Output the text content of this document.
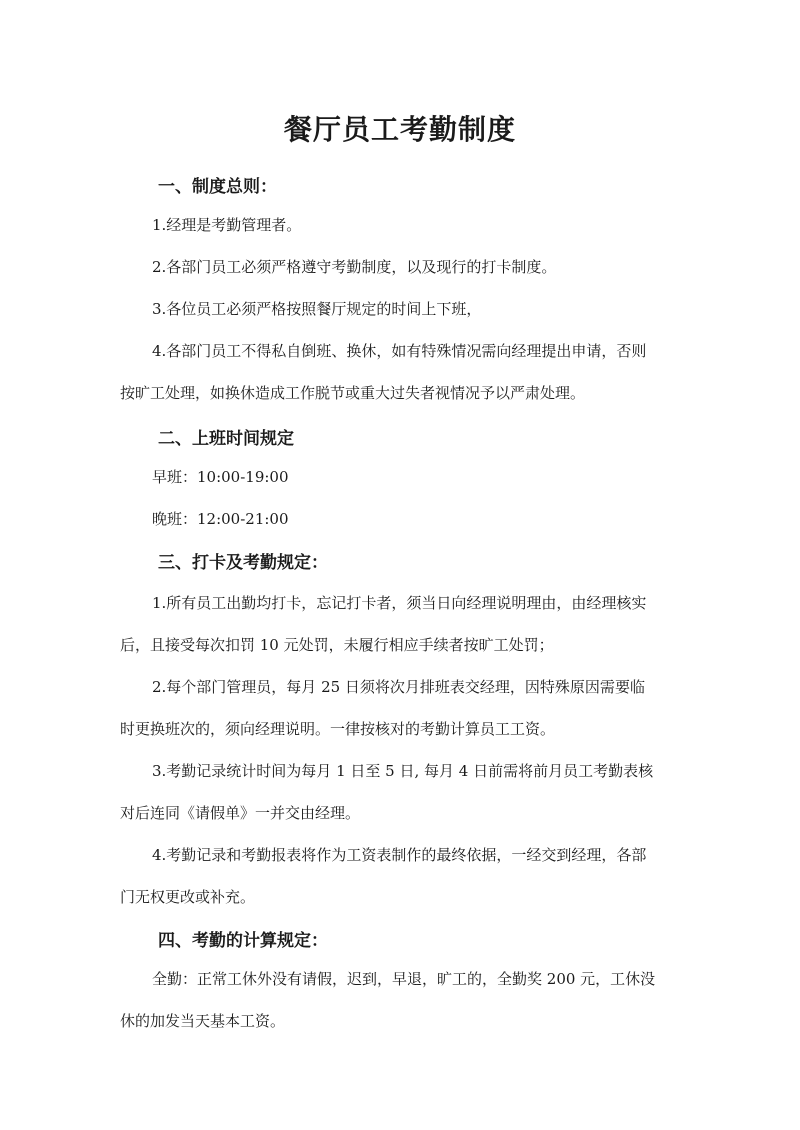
餐厅员工考勤制度
一、制度总则：
1.经理是考勤管理者。
2.各部门员工必须严格遵守考勤制度，以及现行的打卡制度。
3.各位员工必须严格按照餐厅规定的时间上下班，
4.各部门员工不得私自倒班、换休，如有特殊情况需向经理提出申请，否则
按旷工处理，如换休造成工作脱节或重大过失者视情况予以严肃处理。
二、上班时间规定
早班：10:00-19:00
晚班：12:00-21:00
三、打卡及考勤规定：
1.所有员工出勤均打卡，忘记打卡者，须当日向经理说明理由，由经理核实
后，且接受每次扣罚 10 元处罚，未履行相应手续者按旷工处罚；
2.每个部门管理员，每月 25 日须将次月排班表交经理，因特殊原因需要临
时更换班次的，须向经理说明。一律按核对的考勤计算员工工资。
3.考勤记录统计时间为每月 1 日至 5 日, 每月 4 日前需将前月员工考勤表核
对后连同《请假单》一并交由经理。
4.考勤记录和考勤报表将作为工资表制作的最终依据，一经交到经理，各部
门无权更改或补充。
四、考勤的计算规定：
全勤：正常工休外没有请假，迟到，早退，旷工的，全勤奖 200 元，工休没
休的加发当天基本工资。
